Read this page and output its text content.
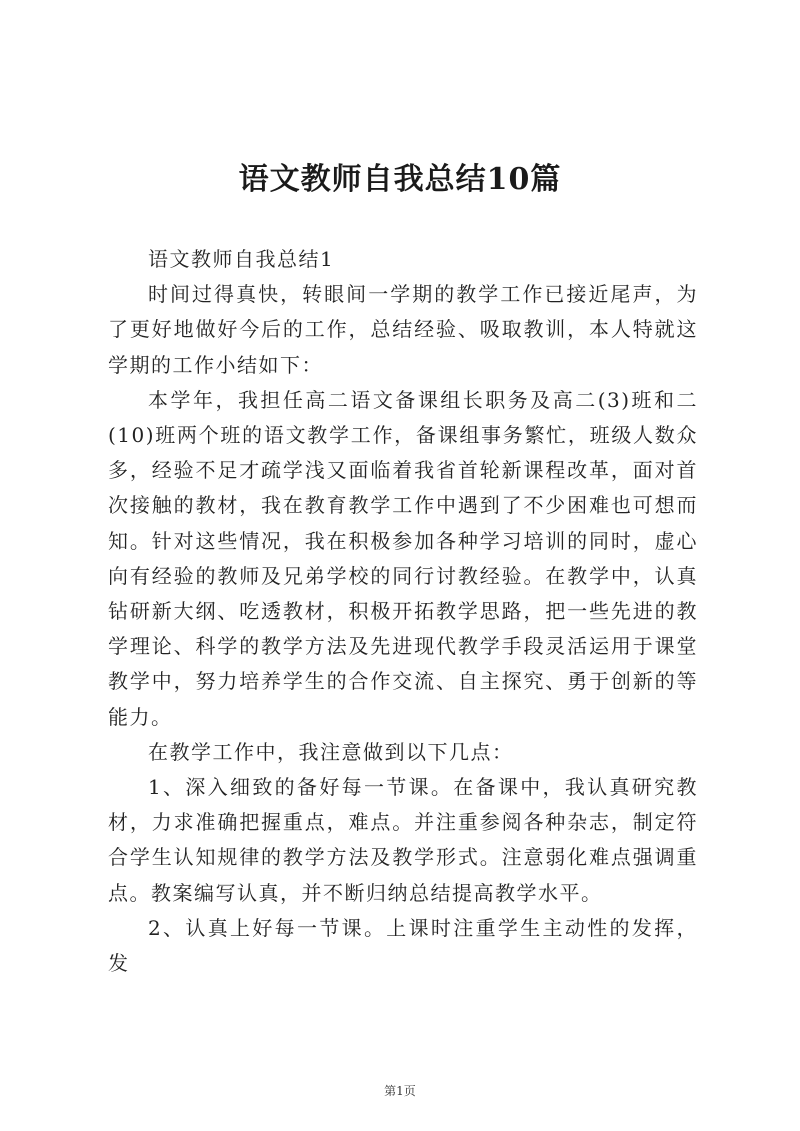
语文教师自我总结10篇

语文教师自我总结1

时间过得真快，转眼间一学期的教学工作已接近尾声，为了更好地做好今后的工作，总结经验、吸取教训，本人特就这学期的工作小结如下：

本学年，我担任高二语文备课组长职务及高二(3)班和二(10)班两个班的语文教学工作，备课组事务繁忙，班级人数众多，经验不足才疏学浅又面临着我省首轮新课程改革，面对首次接触的教材，我在教育教学工作中遇到了不少困难也可想而知。针对这些情况，我在积极参加各种学习培训的同时，虚心向有经验的教师及兄弟学校的同行讨教经验。在教学中，认真钻研新大纲、吃透教材，积极开拓教学思路，把一些先进的教学理论、科学的教学方法及先进现代教学手段灵活运用于课堂教学中，努力培养学生的合作交流、自主探究、勇于创新的等能力。

在教学工作中，我注意做到以下几点：

1、深入细致的备好每一节课。在备课中，我认真研究教材，力求准确把握重点，难点。并注重参阅各种杂志，制定符合学生认知规律的教学方法及教学形式。注意弱化难点强调重点。教案编写认真，并不断归纳总结提高教学水平。

2、认真上好每一节课。上课时注重学生主动性的发挥，发

第1页
